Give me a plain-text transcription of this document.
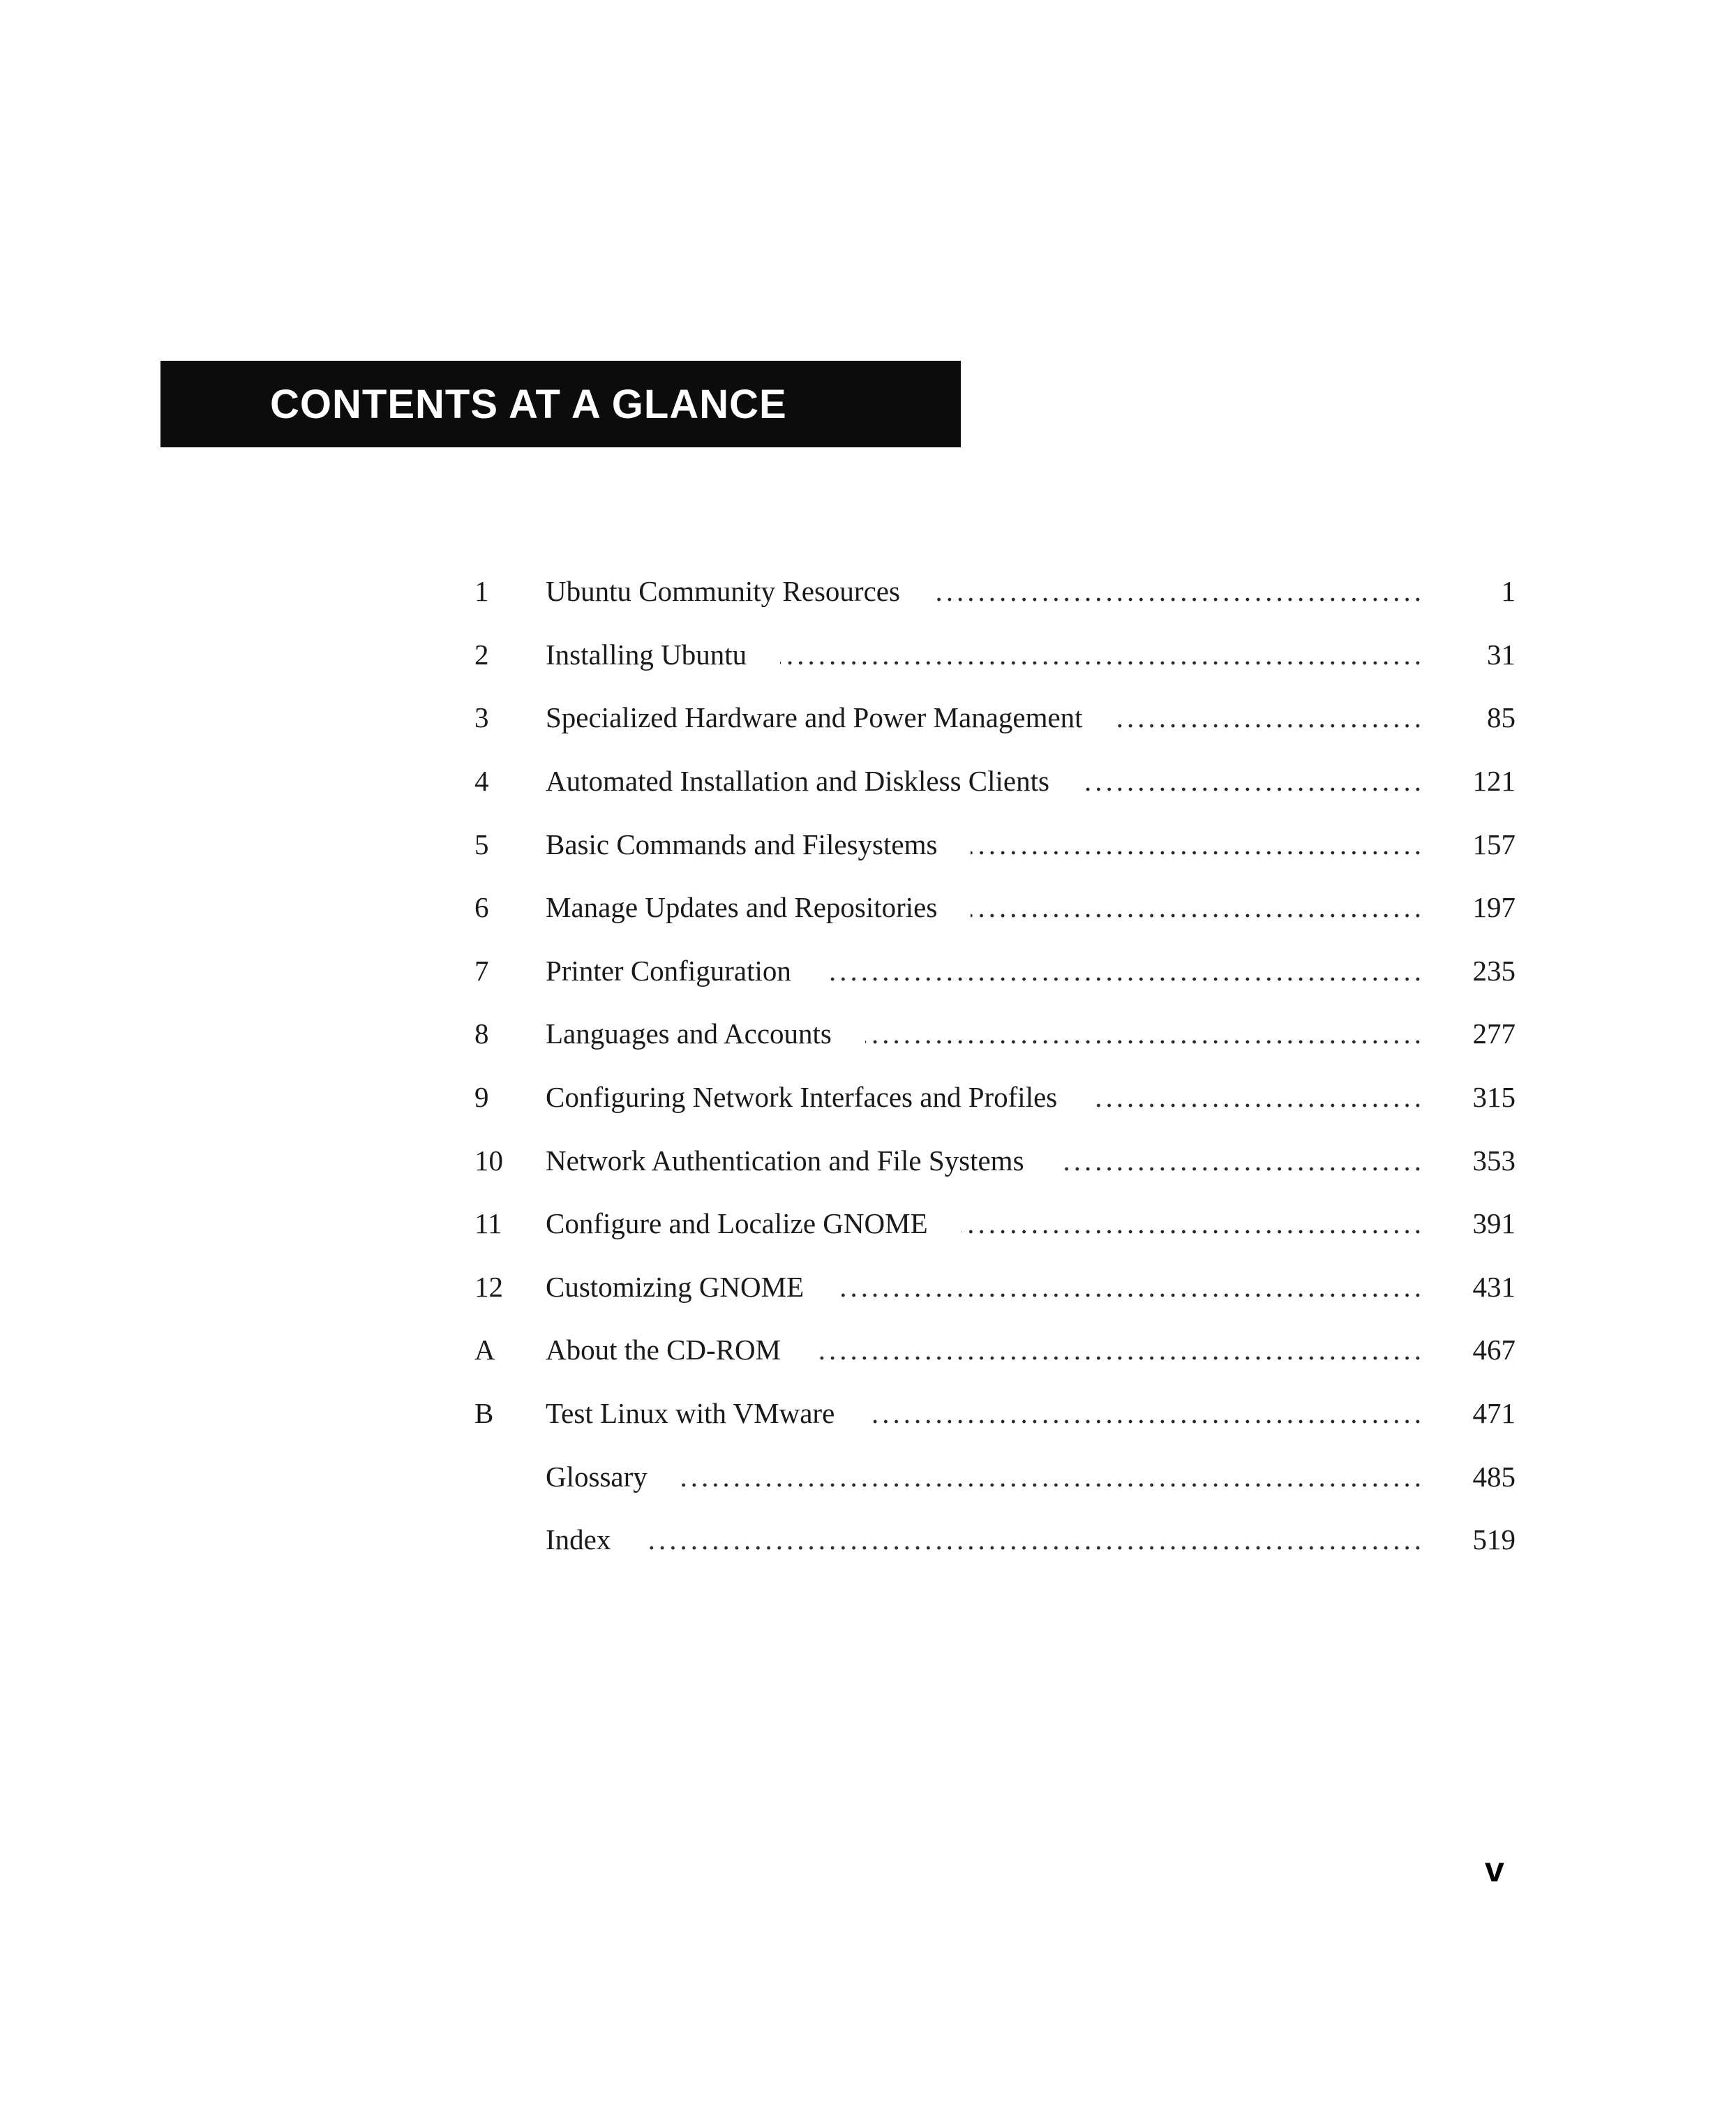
CONTENTS AT A GLANCE
1	Ubuntu Community Resources .....	1
2	Installing Ubuntu .....	31
3	Specialized Hardware and Power Management .....	85
4	Automated Installation and Diskless Clients .....	121
5	Basic Commands and Filesystems .....	157
6	Manage Updates and Repositories .....	197
7	Printer Configuration .....	235
8	Languages and Accounts .....	277
9	Configuring Network Interfaces and Profiles .....	315
10	Network Authentication and File Systems .....	353
11	Configure and Localize GNOME .....	391
12	Customizing GNOME .....	431
A	About the CD-ROM .....	467
B	Test Linux with VMware .....	471
Glossary .....	485
Index .....	519
v
